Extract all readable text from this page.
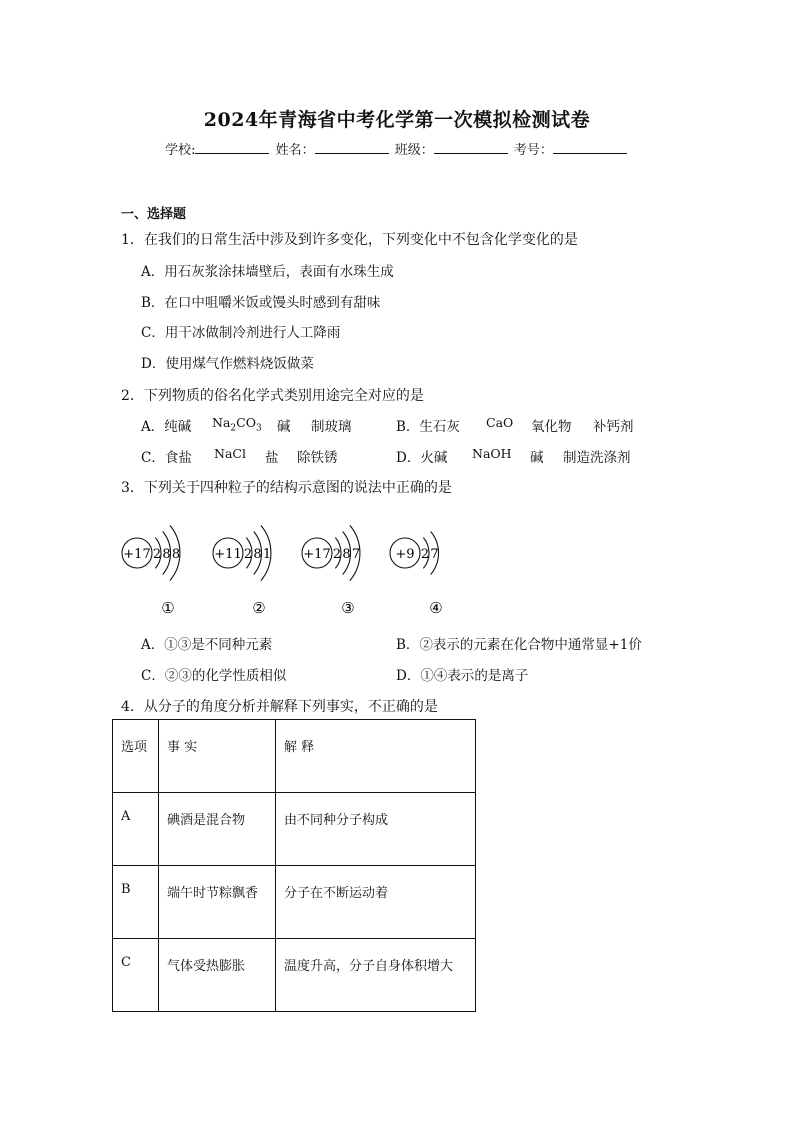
2024年青海省中考化学第一次模拟检测试卷
学校:	姓名：	班级：	考号：
一、选择题
1．在我们的日常生活中涉及到许多变化，下列变化中不包含化学变化的是
A．用石灰浆涂抹墙壁后，表面有水珠生成
B．在口中咀嚼米饭或馒头时感到有甜味
C．用干冰做制冷剂进行人工降雨
D．使用煤气作燃料烧饭做菜
2．下列物质的俗名化学式类别用途完全对应的是
A．纯碱 $Na_2CO_3$ 碱 制玻璃	B．生石灰 CaO 氧化物 补钙剂
C．食盐 NaCl 盐 除铁锈	D．火碱 NaOH 碱 制造洗涤剂
3．下列关于四种粒子的结构示意图的说法中正确的是
+17 2 8 8
①
+11 2 8 1
②
+17 2 8 7
③
+9 2 7
④
A．①③是不同种元素	B．②表示的元素在化合物中通常显+1价
C．②③的化学性质相似	D．①④表示的是离子
4．从分子的角度分析并解释下列事实，不正确的是
选项	事 实	解 释
A	碘酒是混合物	由不同种分子构成
B	端午时节粽飘香	分子在不断运动着
C	气体受热膨胀	温度升高，分子自身体积增大
